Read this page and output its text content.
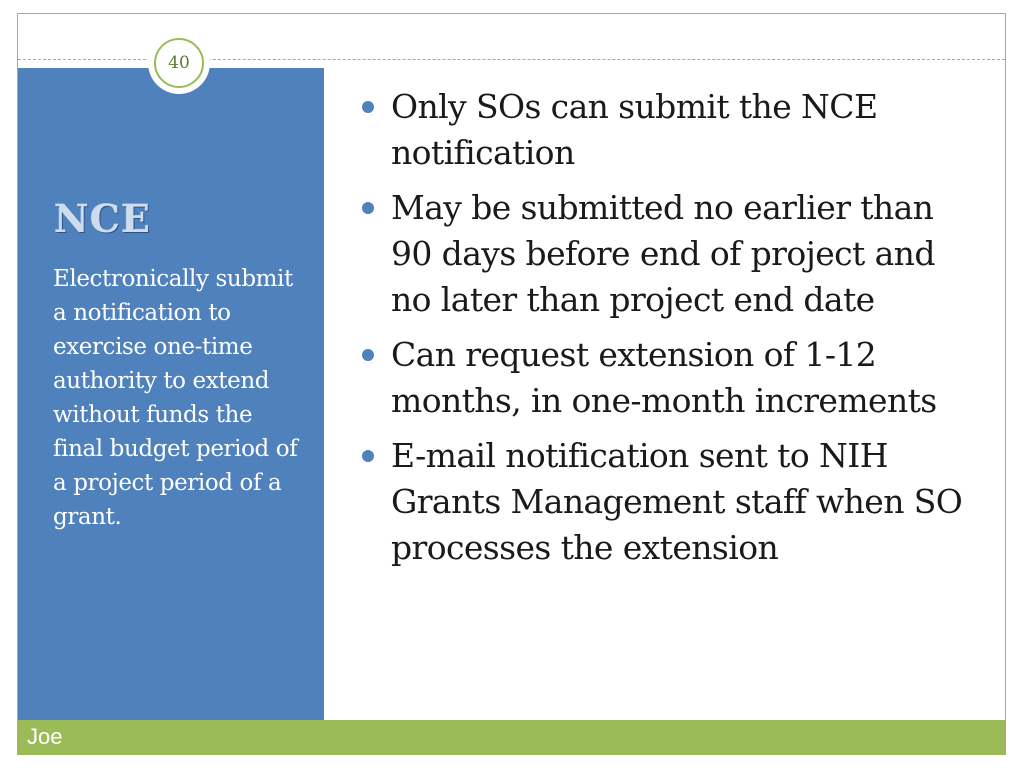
40
NCE

Electronically submit a notification to exercise one-time authority to extend without funds the final budget period of a project period of a grant.

Only SOs can submit the NCE notification
May be submitted no earlier than 90 days before end of project and no later than project end date
Can request extension of 1-12 months, in one-month increments
E-mail notification sent to NIH Grants Management staff when SO processes the extension
Joe
